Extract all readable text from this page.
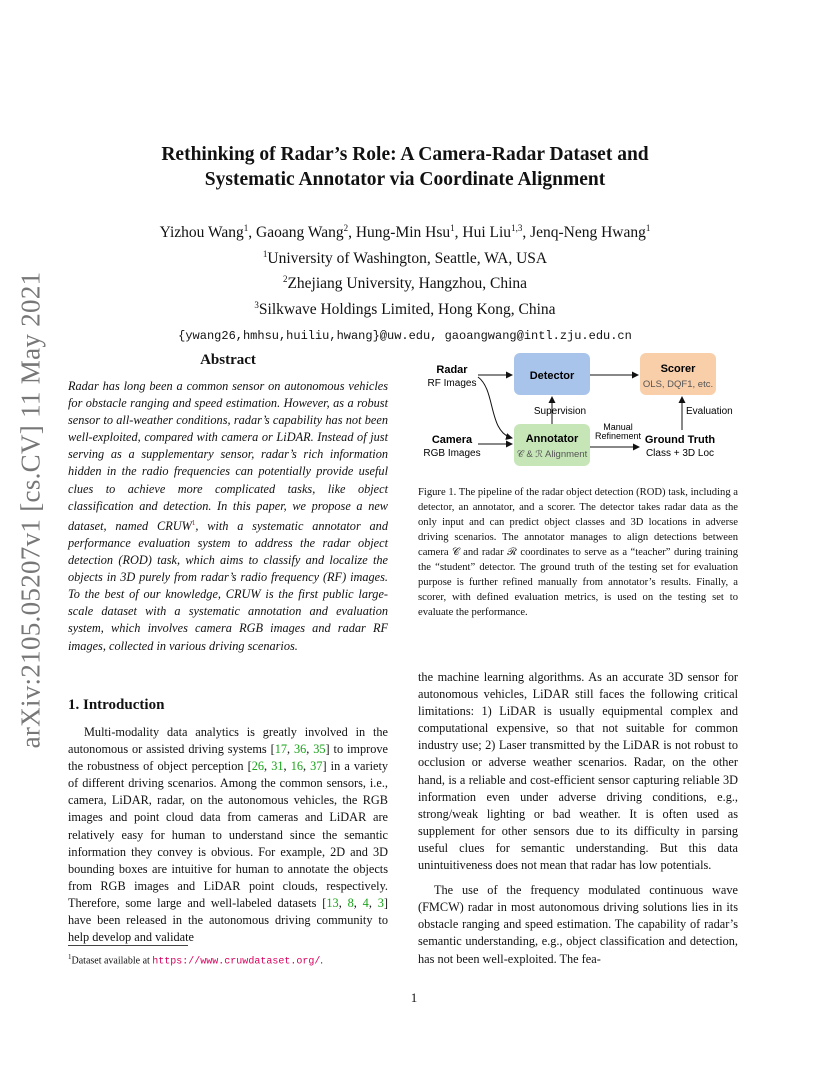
arXiv:2105.05207v1 [cs.CV] 11 May 2021
Rethinking of Radar’s Role: A Camera-Radar Dataset and
Systematic Annotator via Coordinate Alignment
Yizhou Wang$^1$, Gaoang Wang$^2$, Hung-Min Hsu$^1$, Hui Liu$^{1,3}$, Jenq-Neng Hwang$^1$
$^1$University of Washington, Seattle, WA, USA
$^2$Zhejiang University, Hangzhou, China
$^3$Silkwave Holdings Limited, Hong Kong, China
{ywang26,hmhsu,huiliu,hwang}@uw.edu, gaoangwang@intl.zju.edu.cn
Abstract
Radar has long been a common sensor on autonomous vehicles for obstacle ranging and speed estimation. However, as a robust sensor to all-weather conditions, radar’s capability has not been well-exploited, compared with camera or LiDAR. Instead of just serving as a supplementary sensor, radar’s rich information hidden in the radio frequencies can potentially provide useful clues to achieve more complicated tasks, like object classification and detection. In this paper, we propose a new dataset, named CRUW$^1$, with a systematic annotator and performance evaluation system to address the radar object detection (ROD) task, which aims to classify and localize the objects in 3D purely from radar’s radio frequency (RF) images. To the best of our knowledge, CRUW is the first public large-scale dataset with a systematic annotation and evaluation system, which involves camera RGB images and radar RF images, collected in various driving scenarios.
1. Introduction

Multi-modality data analytics is greatly involved in the autonomous or assisted driving systems [17, 36, 35] to improve the robustness of object perception [26, 31, 16, 37] in a variety of different driving scenarios. Among the common sensors, i.e., camera, LiDAR, radar, on the autonomous vehicles, the RGB images and point cloud data from cameras and LiDAR are relatively easy for human to understand since the semantic information they convey is obvious. For example, 2D and 3D bounding boxes are intuitive for human to annotate the objects from RGB images and LiDAR point clouds, respectively. Therefore, some large and well-labeled datasets [13, 8, 4, 3] have been released in the autonomous driving community to help develop and validate

$^1$Dataset available at https://www.cruwdataset.org/.
Radar
RF Images
Camera
RGB Images
Detector
Scorer
OLS, DQF1, etc.
Annotator
𝒞 & ℛ Alignment
Supervision	Evaluation
Manual
Refinement Ground Truth
Class + 3D Loc
Figure 1. The pipeline of the radar object detection (ROD) task, including a detector, an annotator, and a scorer. The detector takes radar data as the only input and can predict object classes and 3D locations in adverse driving scenarios. The annotator manages to align detections between camera 𝒞 and radar ℛ coordinates to serve as a “teacher” during training the “student” detector. The ground truth of the testing set for evaluation purpose is further refined manually from annotator’s results. Finally, a scorer, with defined evaluation metrics, is used on the testing set to evaluate the performance.

the machine learning algorithms. As an accurate 3D sensor for autonomous vehicles, LiDAR still faces the following critical limitations: 1) LiDAR is usually equipmental complex and computational expensive, so that not suitable for common industry use; 2) Laser transmitted by the LiDAR is not robust to occlusion or adverse weather scenarios. Radar, on the other hand, is a reliable and cost-efficient sensor capturing reliable 3D information even under adverse driving conditions, e.g., strong/weak lighting or bad weather. It is often used as supplement for other sensors due to its difficulty in parsing useful clues for semantic understanding. But this data unintuitiveness does not mean that radar has low potentials.

The use of the frequency modulated continuous wave (FMCW) radar in most autonomous driving solutions lies in its obstacle ranging and speed estimation. The capability of radar’s semantic understanding, e.g., object classification and detection, has not been well-exploited. The fea-

1
